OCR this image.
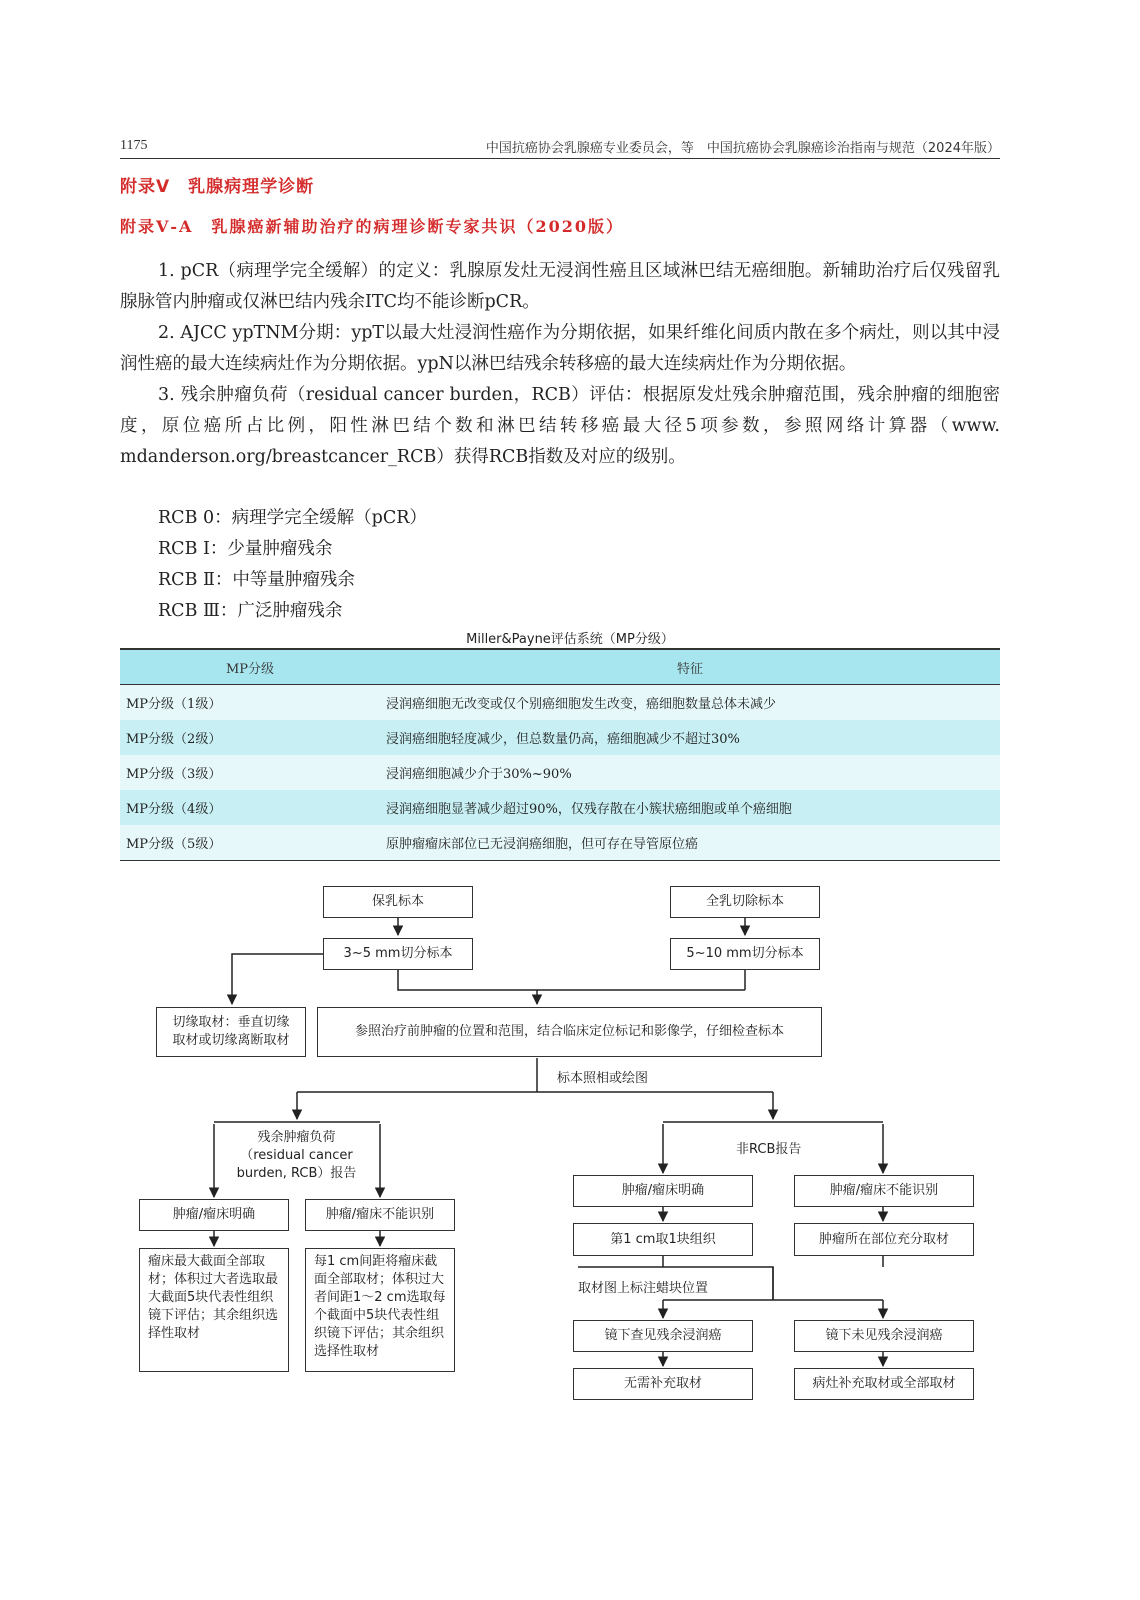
1175	中国抗癌协会乳腺癌专业委员会，等　中国抗癌协会乳腺癌诊治指南与规范（2024年版）
附录Ⅴ　乳腺病理学诊断
附录Ⅴ-A　乳腺癌新辅助治疗的病理诊断专家共识（2020版）

1. pCR（病理学完全缓解）的定义：乳腺原发灶无浸润性癌且区域淋巴结无癌细胞。新辅助治疗后仅残留乳腺脉管内肿瘤或仅淋巴结内残余ITC均不能诊断pCR。

2. AJCC ypTNM分期：ypT以最大灶浸润性癌作为分期依据，如果纤维化间质内散在多个病灶，则以其中浸润性癌的最大连续病灶作为分期依据。ypN以淋巴结残余转移癌的最大连续病灶作为分期依据。

3. 残余肿瘤负荷（residual cancer burden，RCB）评估：根据原发灶残余肿瘤范围，残余肿瘤的细胞密度，原位癌所占比例，阳性淋巴结个数和淋巴结转移癌最大径5项参数，参照网络计算器（www. mdanderson.org/breastcancer_RCB）获得RCB指数及对应的级别。

RCB 0：病理学完全缓解（pCR）
RCB Ⅰ：少量肿瘤残余
RCB Ⅱ：中等量肿瘤残余
RCB Ⅲ：广泛肿瘤残余
Miller&Payne评估系统（MP分级）
MP分级	特征
MP分级（1级）	浸润癌细胞无改变或仅个别癌细胞发生改变，癌细胞数量总体未减少
MP分级（2级）	浸润癌细胞轻度减少，但总数量仍高，癌细胞减少不超过30%
MP分级（3级）	浸润癌细胞减少介于30%~90%
MP分级（4级）	浸润癌细胞显著减少超过90%，仅残存散在小簇状癌细胞或单个癌细胞
MP分级（5级）	原肿瘤瘤床部位已无浸润癌细胞，但可存在导管原位癌
保乳标本	全乳切除标本
3~5 mm切分标本	5~10 mm切分标本
切缘取材：垂直切缘
取材或切缘离断取材
参照治疗前肿瘤的位置和范围，结合临床定位标记和影像学，仔细检查标本
标本照相或绘图
残余肿瘤负荷
（residual cancer
burden, RCB）报告
非RCB报告
肿瘤/瘤床明确	肿瘤/瘤床不能识别
肿瘤/瘤床明确	肿瘤/瘤床不能识别
瘤床最大截面全部取材；体积过大者选取最大截面5块代表性组织镜下评估；其余组织选择性取材
每1 cm间距将瘤床截面全部取材；体积过大者间距1～2 cm选取每个截面中5块代表性组织镜下评估；其余组织选择性取材
第1 cm取1块组织	肿瘤所在部位充分取材
取材图上标注蜡块位置
镜下查见残余浸润癌	镜下未见残余浸润癌
无需补充取材	病灶补充取材或全部取材
